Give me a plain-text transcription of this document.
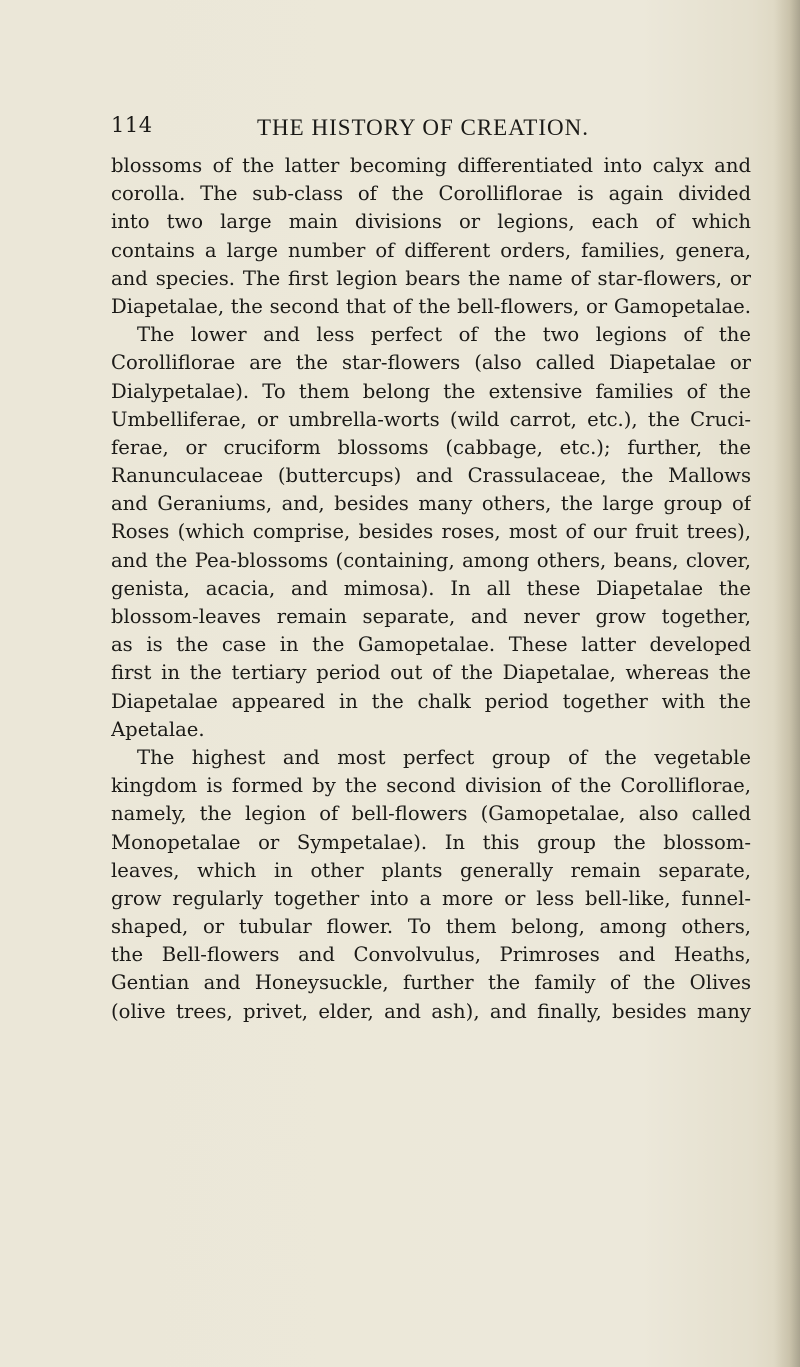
114	THE HISTORY OF CREATION.
blossoms of the latter becoming differentiated into calyx and
corolla. The sub-class of the Corolliflorae is again divided
into two large main divisions or legions, each of which
contains a large number of different orders, families, genera,
and species. The first legion bears the name of star-flowers, or
Diapetalae, the second that of the bell-flowers, or Gamopetalae.
The lower and less perfect of the two legions of the
Corolliflorae are the star-flowers (also called Diapetalae or
Dialypetalae). To them belong the extensive families of the
Umbelliferae, or umbrella-worts (wild carrot, etc.), the Cruci-
ferae, or cruciform blossoms (cabbage, etc.); further, the
Ranunculaceae (buttercups) and Crassulaceae, the Mallows
and Geraniums, and, besides many others, the large group of
Roses (which comprise, besides roses, most of our fruit trees),
and the Pea-blossoms (containing, among others, beans, clover,
genista, acacia, and mimosa). In all these Diapetalae the
blossom-leaves remain separate, and never grow together,
as is the case in the Gamopetalae. These latter developed
first in the tertiary period out of the Diapetalae, whereas the
Diapetalae appeared in the chalk period together with the
Apetalae.
The highest and most perfect group of the vegetable
kingdom is formed by the second division of the Corolliflorae,
namely, the legion of bell-flowers (Gamopetalae, also called
Monopetalae or Sympetalae). In this group the blossom-
leaves, which in other plants generally remain separate,
grow regularly together into a more or less bell-like, funnel-
shaped, or tubular flower. To them belong, among others,
the Bell-flowers and Convolvulus, Primroses and Heaths,
Gentian and Honeysuckle, further the family of the Olives
(olive trees, privet, elder, and ash), and finally, besides many
